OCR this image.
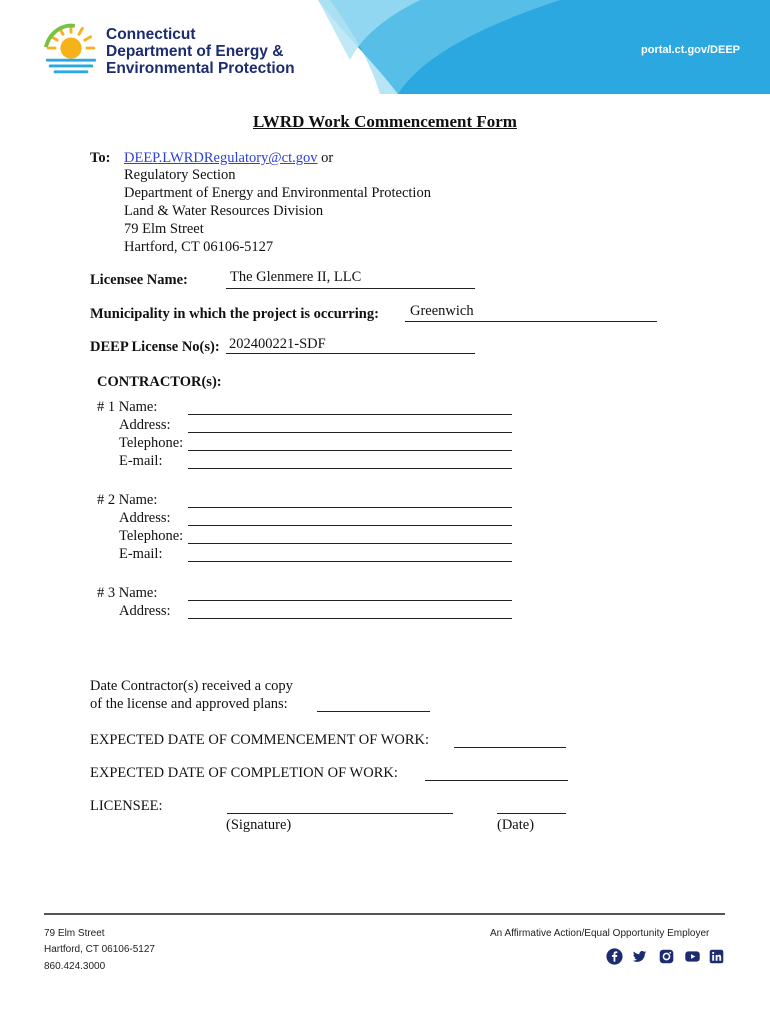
Connecticut
Department of Energy &
Environmental Protection
portal.ct.gov/DEEP
LWRD Work Commencement Form
To: DEEP.LWRDRegulatory@ct.gov or
Regulatory Section
Department of Energy and Environmental Protection
Land & Water Resources Division
79 Elm Street
Hartford, CT 06106-5127
Licensee Name:	The Glenmere II, LLC
Municipality in which the project is occurring: Greenwich
DEEP License No(s): 202400221-SDF
CONTRACTOR(s):
# 1 Name:
Address:
Telephone:
E-mail:
# 2 Name:
Address:
Telephone:
E-mail:
# 3 Name:
Address:
Date Contractor(s) received a copy
of the license and approved plans:
EXPECTED DATE OF COMMENCEMENT OF WORK:
EXPECTED DATE OF COMPLETION OF WORK:
LICENSEE:
(Signature)	(Date)
79 Elm Street
Hartford, CT 06106-5127
860.424.3000
An Affirmative Action/Equal Opportunity Employer
